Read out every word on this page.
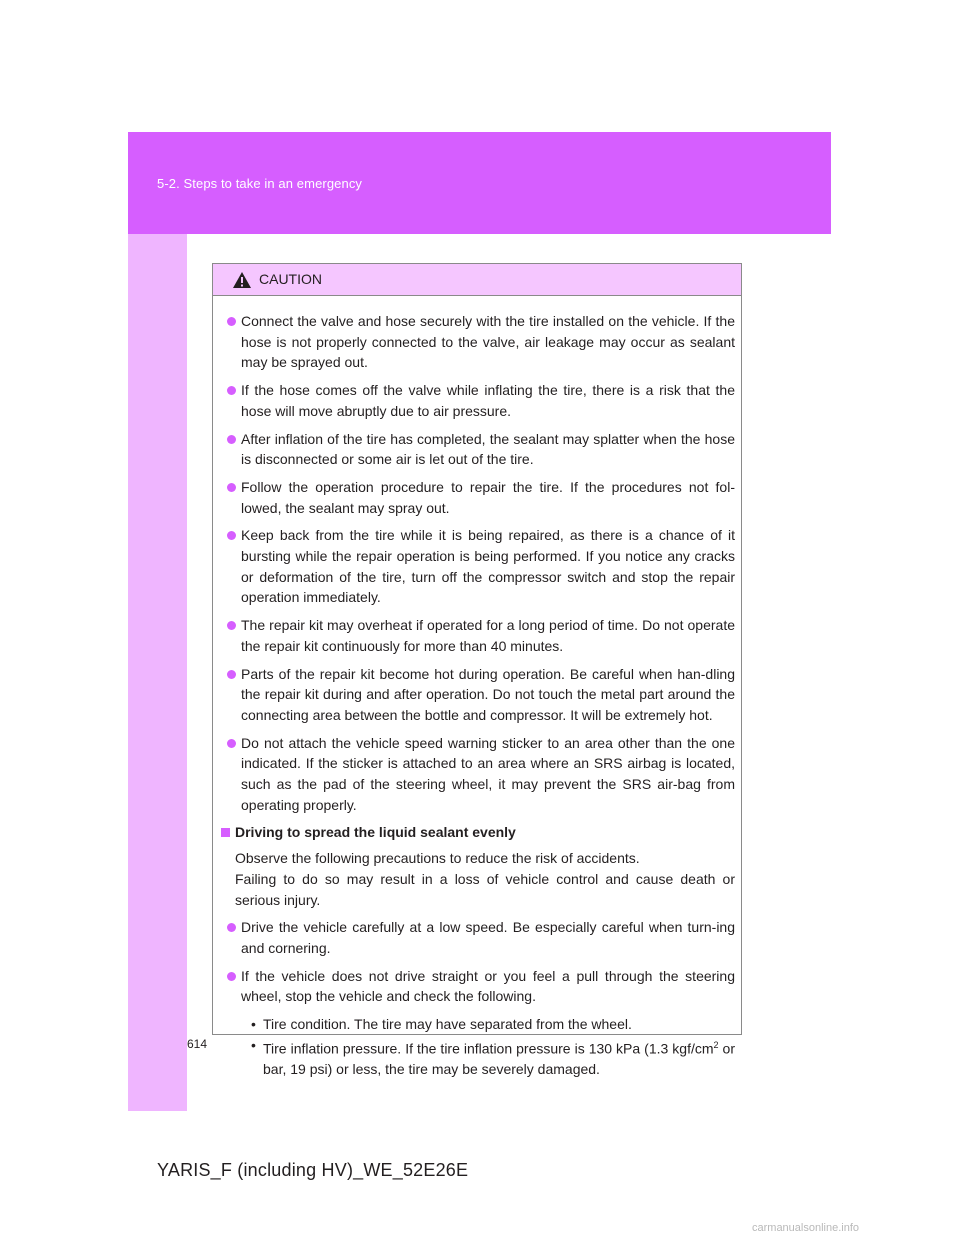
5-2. Steps to take in an emergency
CAUTION
Connect the valve and hose securely with the tire installed on the vehicle. If the hose is not properly connected to the valve, air leakage may occur as sealant may be sprayed out.
If the hose comes off the valve while inflating the tire, there is a risk that the hose will move abruptly due to air pressure.
After inflation of the tire has completed, the sealant may splatter when the hose is disconnected or some air is let out of the tire.
Follow the operation procedure to repair the tire. If the procedures not fol-lowed, the sealant may spray out.
Keep back from the tire while it is being repaired, as there is a chance of it bursting while the repair operation is being performed. If you notice any cracks or deformation of the tire, turn off the compressor switch and stop the repair operation immediately.
The repair kit may overheat if operated for a long period of time. Do not operate the repair kit continuously for more than 40 minutes.
Parts of the repair kit become hot during operation. Be careful when han-dling the repair kit during and after operation. Do not touch the metal part around the connecting area between the bottle and compressor. It will be extremely hot.
Do not attach the vehicle speed warning sticker to an area other than the one indicated. If the sticker is attached to an area where an SRS airbag is located, such as the pad of the steering wheel, it may prevent the SRS air-bag from operating properly.
Driving to spread the liquid sealant evenly
Observe the following precautions to reduce the risk of accidents.
Failing to do so may result in a loss of vehicle control and cause death or serious injury.
Drive the vehicle carefully at a low speed. Be especially careful when turn-ing and cornering.
If the vehicle does not drive straight or you feel a pull through the steering wheel, stop the vehicle and check the following.
• Tire condition. The tire may have separated from the wheel.
• Tire inflation pressure. If the tire inflation pressure is 130 kPa (1.3 kgf/$cm^2$ or bar, 19 psi) or less, the tire may be severely damaged.
614
YARIS_F (including HV)_WE_52E26E
carmanualsonline.info
